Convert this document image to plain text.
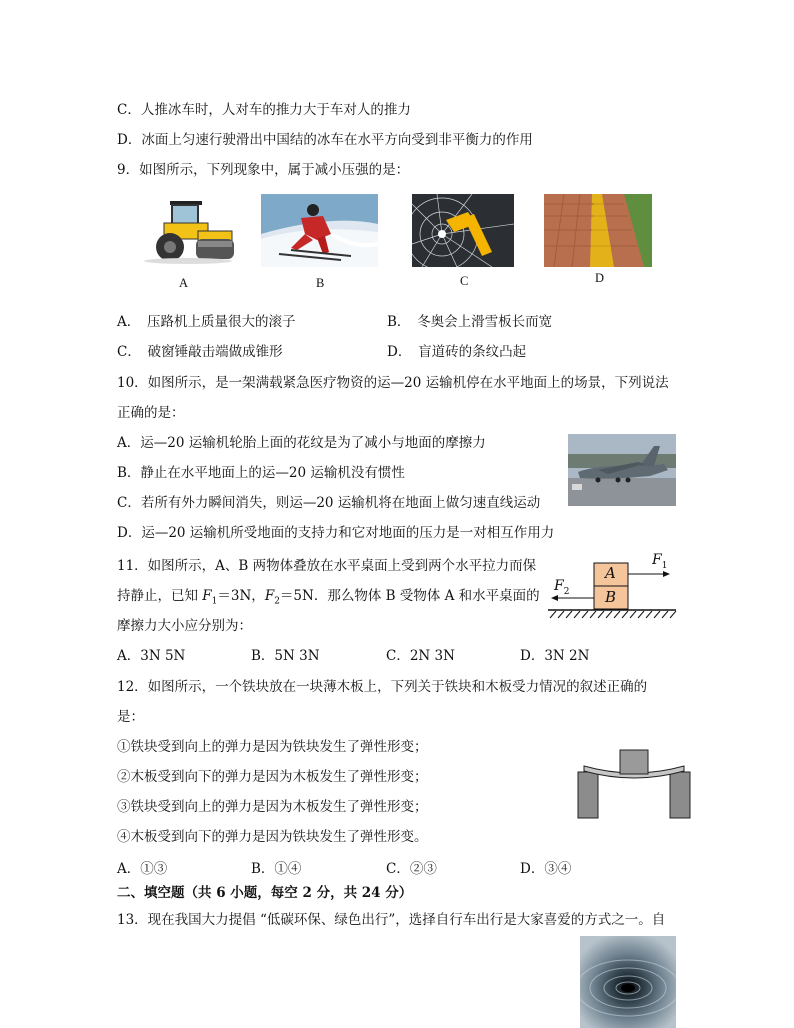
C．人推冰车时，人对车的推力大于车对人的推力
D．冰面上匀速行驶滑出中国结的冰车在水平方向受到非平衡力的作用
9．如图所示，下列现象中，属于减小压强的是：
A	B	C	D
A．　压路机上质量很大的滚子	B．　冬奥会上滑雪板长而宽
C．　破窗锤敲击端做成锥形	D．　盲道砖的条纹凸起
10．如图所示，是一架满载紧急医疗物资的运—20 运输机停在水平地面上的场景，下列说法
正确的是：
A．运—20 运输机轮胎上面的花纹是为了减小与地面的摩擦力
B．静止在水平地面上的运—20 运输机没有惯性
C．若所有外力瞬间消失，则运—20 运输机将在地面上做匀速直线运动
D．运—20 运输机所受地面的支持力和它对地面的压力是一对相互作用力
11．如图所示，A、B 两物体叠放在水平桌面上受到两个水平拉力而保
持静止，已知 $F_1=3N$，$F_2=5N$．那么物体 B 受物体 A 和水平桌面的
摩擦力大小应分别为：
A
B
$F_1$
$F_2$
A．3N 5N	B．5N 3N	C．2N 3N	D．3N 2N
12．如图所示，一个铁块放在一块薄木板上，下列关于铁块和木板受力情况的叙述正确的
是：
①铁块受到向上的弹力是因为铁块发生了弹性形变；
②木板受到向下的弹力是因为木板发生了弹性形变；
③铁块受到向上的弹力是因为木板发生了弹性形变；
④木板受到向下的弹力是因为铁块发生了弹性形变。
A．①③	B．①④	C．②③	D．③④
二、填空题（共 6 小题，每空 2 分，共 24 分）
13．现在我国大力提倡 “低碳环保、绿色出行”，选择自行车出行是大家喜爱的方式之一。自
